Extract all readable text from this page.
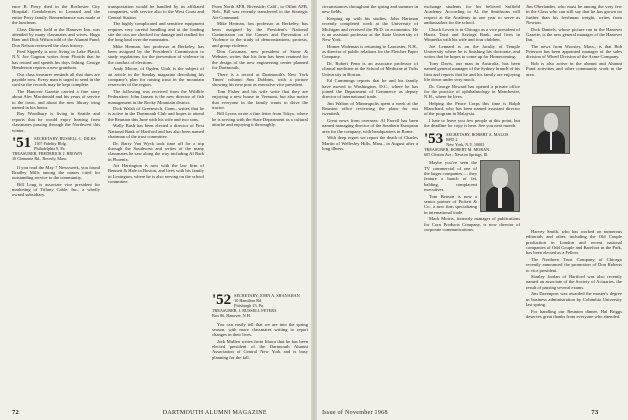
ence B. Perry died in the Rochester City Hospital. Condolences to Leonard and the entire Perry family. Remembrance was made at the luncheon.

Class Dinner, held at the Hanover Inn, was attended by many classmates and wives. Hugo Baer and Dick Wilson told of the Alumni Fund; Don Nelson reviewed the class history.

Fred Sipperly is now living in Lake Placid, N.Y. Joe Gagnon writes from Florida that he has retired and spends his days fishing. George Henderson reports a new grandson.

Our class treasurer reminds all that dues are payable now. Every man is urged to send in the card so the records may be kept complete.

The Hanover Gazette carried a fine story about Alec Macdonald and his years of service to the town, and about the new library wing named in his honor.

Ray Woodbury is living in Seattle and reports that he would enjoy hearing from classmates passing through the Northwest this winter.

'51 SECRETARY, RUSSELL C. DILKS
1107 Fidelity Bldg.
Philadelphia 9, Pa.
TREASURER, FREDERICK J. BROWN
10 Clemente Rd., Beverly, Mass.

If you read the May 7 Newsweek, you found Bradley Mills among the names cited for outstanding service to the community.

Bill Long is associate vice president for marketing of Tiffany Cable, Inc., a wholly owned subsidiary.

transportation would be handled by its affiliated companies, with service also to the West Coast and Central Station.

The highly complicated and sensitive equipment requires very careful handling and at the loading site the cars are checked for damage and readied for the long haul over the mountains.

Mike Herman, law professor at Berkeley, has been assigned by the President's Commission to study regulations for the prevention of violence in the conduct of elections.

Andy Moore, of Ogden, Utah, is the subject of an article in the Sunday magazine describing his company's plan for raising trout in the mountain reservoirs of the region.

The following was received from the Wildlife Federation: John Jansen is the new director of fish management in the Rocky Mountain district.

Dick Walsh of Greenwich, Conn., writes that he is active in the Dartmouth Club and hopes to attend the Reunion this June with his wife and two sons.

Wally Bush has been elected a director of First National Bank of Hartford and has also been named chairman of the trust committee.

Dr. Barry Van Wyck took time off for a trip through the Southwest and writes of the many classmates he saw along the way including Al Bark in Phoenix.

Art Harrington is now with the law firm of Bennett & Hale in Boston, and lives with his family in Lexington, where he is also serving on the school committee.

From North AFB, Riverside, Calif., to Offutt AFB, Neb., Bill was recently transferred to the Strategic Air Command.

Mike Herman, law professor at Berkeley, has been assigned by the President's National Commission on the Causes and Prevention of Violence to the study of demonstrations, protests, and group violence.

Don Gossman, new president of Stone & Webster, writes that his firm has been retained for the design of the new engineering center planned for Dartmouth.

There is a record at Dartmouth's New York Times' column: Sim Dobbins, with a picture showing his new post as executive vice president.

Tom Fisher and his wife write that they are enjoying a new house in Vermont, but also notice that everyone in the family wants to drive the tractor.

Bill Lyons wrote a fine letter from Tokyo, where he is serving with the State Department as a cultural attache and enjoying it thoroughly.

'52 SECRETARY, JOHN A. SHANAHAN
10 Hamilton Rd.
Pittsburgh 15, Pa.
TREASURER, J. RUSSELL PETERS
Box 86, Hanover, N.H.

You can easily tell that we are into the spring season, with more classmates writing to report changes in their lives.

Jack Mullen writes from Ithaca that he has been elected president of the Dartmouth Alumni Association of Central New York and is busy planning for the fall.

72	DARTMOUTH ALUMNI MAGAZINE

circumstances throughout the spring and summer in new fields.

Keeping up with his studies, John Hartman recently completed work at the University of Michigan and received the Ph.D. in economics. He is an assistant professor at the State University of New York.

Homer Wideman is returning to Lancaster, N.H., as director of public relations for the Fletcher Paper Company.

Dr. Robert Fenn is an associate professor of clinical medicine in the School of Medicine at Tufts University in Boston.

Ed Cummings reports that he and his family have moved to Washington, D.C., where he has joined the Department of Commerce as deputy director of international trade.

Jim Walton of Minneapolis spent a week at the Reunion office reviewing the plans for our twentieth.

Great news from overseas: Al Farrell has been named managing director of the Southern European area for the company, with headquarters in Rome.

With deep regret we report the death of Charles Martin of Wellesley Hills, Mass., in August after a long illness.

exchange students for his beloved Suffield Academy. According to Al, the Smithsons will respect at the Academy in one year to serve as ambassadors for the school.

Chuck Lovett is in Chicago as a vice president of Harris Trust and Savings Bank, and lives in Winnetka with his wife and four children.

Joe Lennard is on the faculty of Temple University where he is finishing his doctorate, and writes that he hopes to come up for Homecoming.

Tony Davis, our man in Australia, has been named general manager of the Sydney branch of his firm and reports that he and his family are enjoying life down under very much.

Dr. George Howard has opened a private office for the practice of ophthalmology in Manchester, N.H., where he lives.

Helping the Peace Corps this time is Ralph Blanchard, who has been named assistant director of the program in Malaysia.

I hate to leave you few people at this point, but the deadline for copy is here. See you next month.

'53 SECRETARY, ROBERT A. MALOS
RFD 2
New York, N.Y. 10003
TREASURER, ROBERT M. MORAN
605 Clinton Ave., Newton Springs, Ill.

Maybe you've seen the TV commercial of one of the larger companies — they feature a bunch of fat, balding, complacent executives.

Tom Benson is now a senior partner of Pickett & Co., a new firm specializing in international trade.

Mack Morris, formerly manager of publications for Corn Products Company, is now director of corporate communications.

Jim Oberlander, who must be among the very few in the Class who can still say that he has grown no further than his freshman weight, writes from Newton.

Dick Daniels, whose picture ran in the Hanover Gazette, is the new general manager of the Hanover Inn.

The news from Wooster, Mass., is that Bob Peterson has been appointed manager of the sales division of Wheel Division of the Acme Company.

Bob is also active in the alumni and Alumni Fund activities and other community work in the area.

Harvey Smith, who has worked on numerous editorials and other, including the Old Couple production in London and recent national companies of Odd Couple and Barefoot in the Park, has been elected as a Fellow.

The Northern Trust Company of Chicago recently announced the promotion of Don Roberts to vice president.

Stanley Jordan of Hartford was also recently named an associate of the Society of Actuaries, the result of passing several exams.

Jim Davenport was awarded the master's degree in business administration by Columbia University last spring.

For handling our Reunion dinner, Hal Briggs deserves great thanks from everyone who attended.

Issue of November 1968	73
